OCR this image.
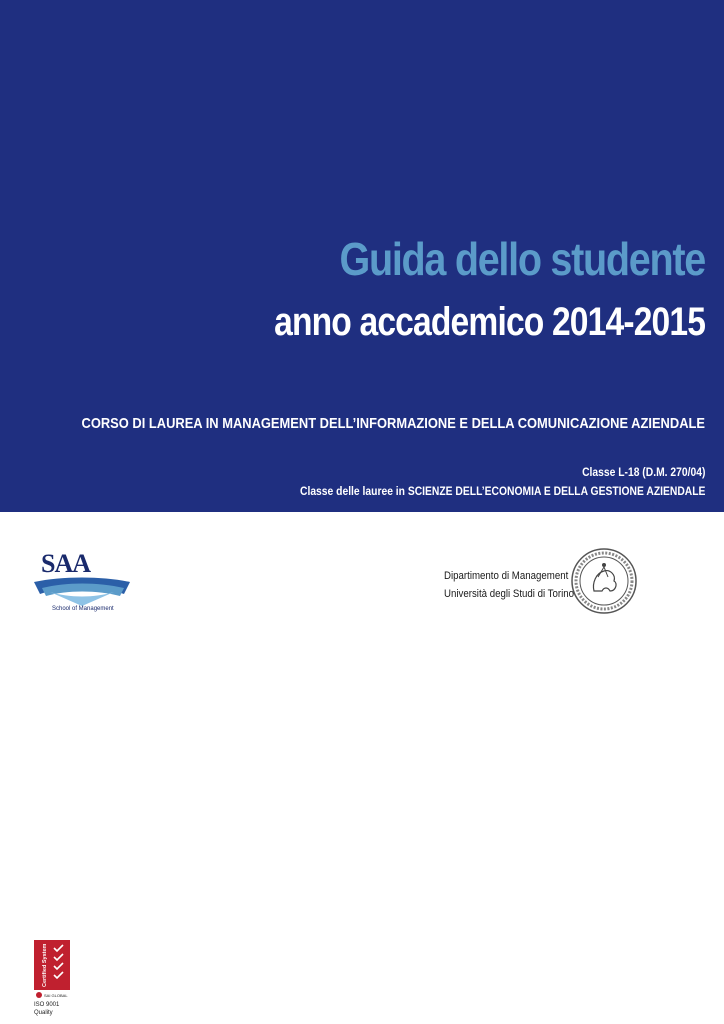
Guida dello studente
anno accademico 2014-2015
CORSO DI LAUREA IN MANAGEMENT DELL’INFORMAZIONE E DELLA COMUNICAZIONE AZIENDALE
Classe L-18 (D.M. 270/04)
Classe delle lauree in SCIENZE DELL’ECONOMIA E DELLA GESTIONE AZIENDALE
SAA
School of Management
Dipartimento di Management
Università degli Studi di Torino
SAI GLOBAL
Certified System
ISO 9001
Quality
